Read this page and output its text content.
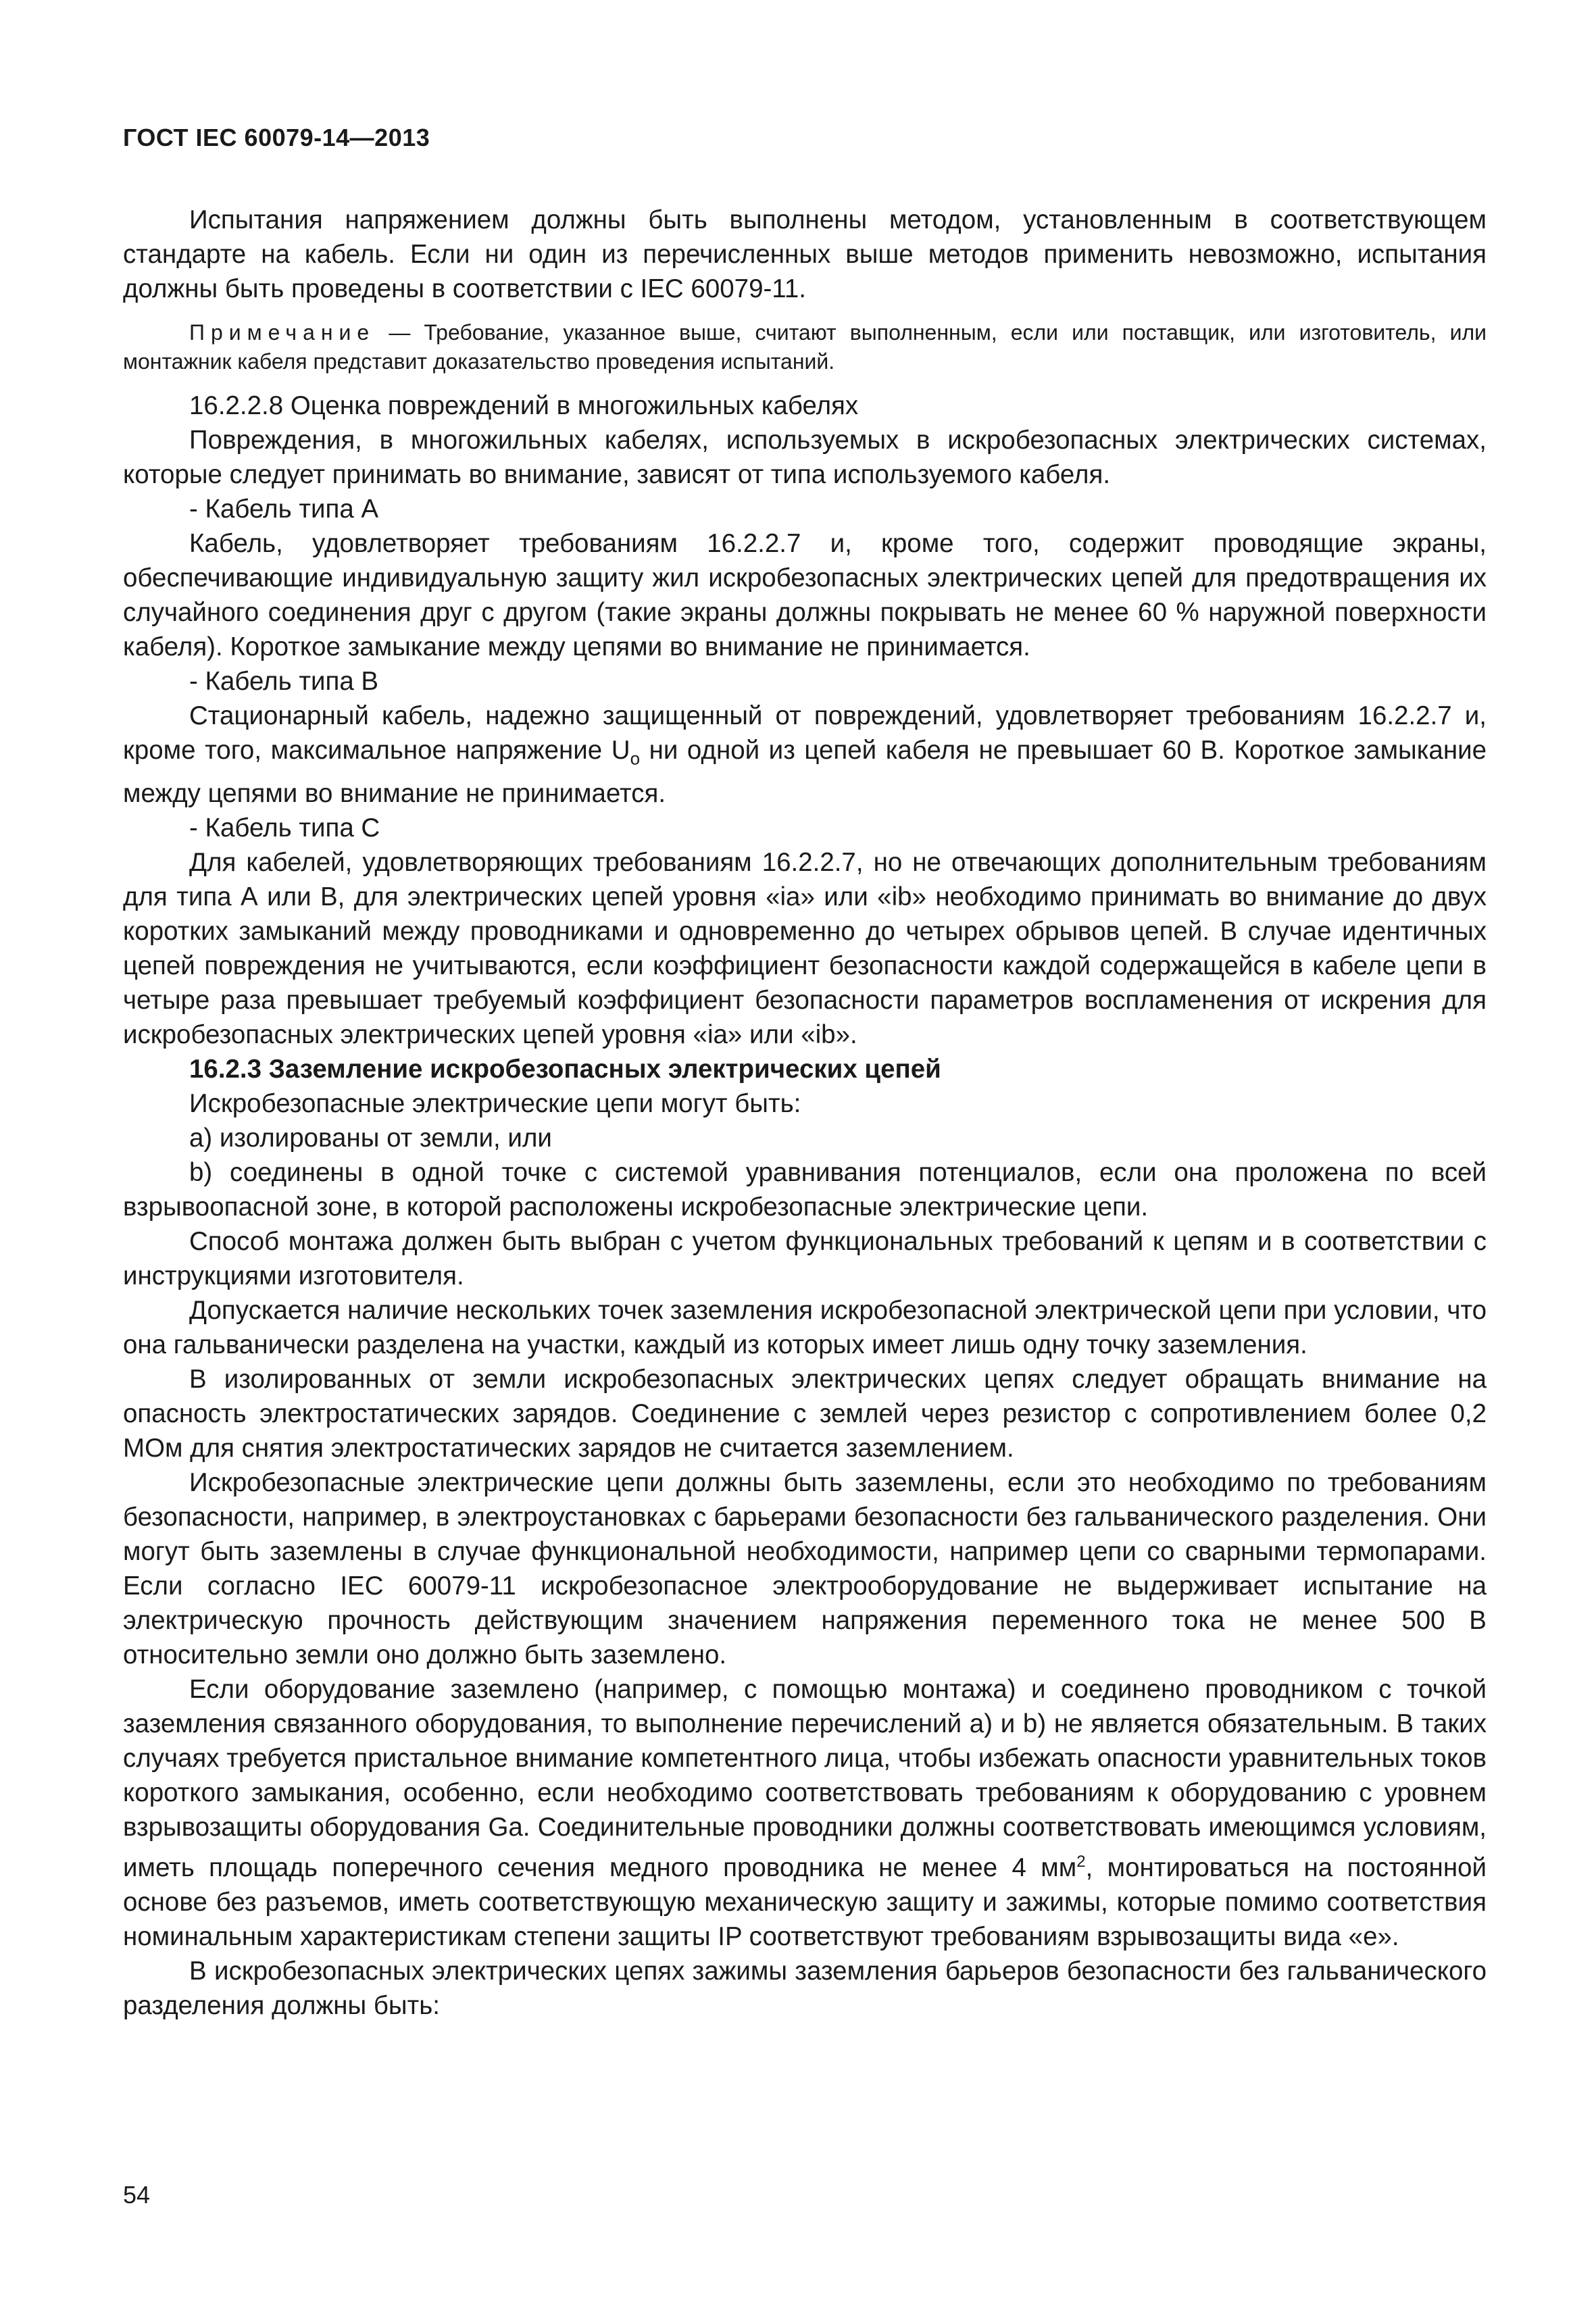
ГОСТ IEC 60079-14—2013

Испытания напряжением должны быть выполнены методом, установленным в соответствующем стандарте на кабель. Если ни один из перечисленных выше методов применить невозможно, испытания должны быть проведены в соответствии с IEC 60079-11.

Примечание — Требование, указанное выше, считают выполненным, если или поставщик, или изготовитель, или монтажник кабеля представит доказательство проведения испытаний.

16.2.2.8 Оценка повреждений в многожильных кабелях

Повреждения, в многожильных кабелях, используемых в искробезопасных электрических системах, которые следует принимать во внимание, зависят от типа используемого кабеля.

- Кабель типа А

Кабель, удовлетворяет требованиям 16.2.2.7 и, кроме того, содержит проводящие экраны, обеспечивающие индивидуальную защиту жил искробезопасных электрических цепей для предотвращения их случайного соединения друг с другом (такие экраны должны покрывать не менее 60 % наружной поверхности кабеля). Короткое замыкание между цепями во внимание не принимается.

- Кабель типа В

Стационарный кабель, надежно защищенный от повреждений, удовлетворяет требованиям 16.2.2.7 и, кроме того, максимальное напряжение $U_o$ ни одной из цепей кабеля не превышает 60 В. Короткое замыкание между цепями во внимание не принимается.

- Кабель типа С

Для кабелей, удовлетворяющих требованиям 16.2.2.7, но не отвечающих дополнительным требованиям для типа А или В, для электрических цепей уровня «ia» или «ib» необходимо принимать во внимание до двух коротких замыканий между проводниками и одновременно до четырех обрывов цепей. В случае идентичных цепей повреждения не учитываются, если коэффициент безопасности каждой содержащейся в кабеле цепи в четыре раза превышает требуемый коэффициент безопасности параметров воспламенения от искрения для искробезопасных электрических цепей уровня «ia» или «ib».

16.2.3 Заземление искробезопасных электрических цепей

Искробезопасные электрические цепи могут быть:

а) изолированы от земли, или

b) соединены в одной точке с системой уравнивания потенциалов, если она проложена по всей взрывоопасной зоне, в которой расположены искробезопасные электрические цепи.

Способ монтажа должен быть выбран с учетом функциональных требований к цепям и в соответствии с инструкциями изготовителя.

Допускается наличие нескольких точек заземления искробезопасной электрической цепи при условии, что она гальванически разделена на участки, каждый из которых имеет лишь одну точку заземления.

В изолированных от земли искробезопасных электрических цепях следует обращать внимание на опасность электростатических зарядов. Соединение с землей через резистор с сопротивлением более 0,2 МОм для снятия электростатических зарядов не считается заземлением.

Искробезопасные электрические цепи должны быть заземлены, если это необходимо по требованиям безопасности, например, в электроустановках с барьерами безопасности без гальванического разделения. Они могут быть заземлены в случае функциональной необходимости, например цепи со сварными термопарами. Если согласно IEC 60079-11 искробезопасное электрооборудование не выдерживает испытание на электрическую прочность действующим значением напряжения переменного тока не менее 500 В относительно земли оно должно быть заземлено.

Если оборудование заземлено (например, с помощью монтажа) и соединено проводником с точкой заземления связанного оборудования, то выполнение перечислений а) и b) не является обязательным. В таких случаях требуется пристальное внимание компетентного лица, чтобы избежать опасности уравнительных токов короткого замыкания, особенно, если необходимо соответствовать требованиям к оборудованию с уровнем взрывозащиты оборудования Ga. Соединительные проводники должны соответствовать имеющимся условиям, иметь площадь поперечного сечения медного проводника не менее 4 $мм^2$, монтироваться на постоянной основе без разъемов, иметь соответствующую механическую защиту и зажимы, которые помимо соответствия номинальным характеристикам степени защиты IP соответствуют требованиям взрывозащиты вида «е».

В искробезопасных электрических цепях зажимы заземления барьеров безопасности без гальванического разделения должны быть:

54
